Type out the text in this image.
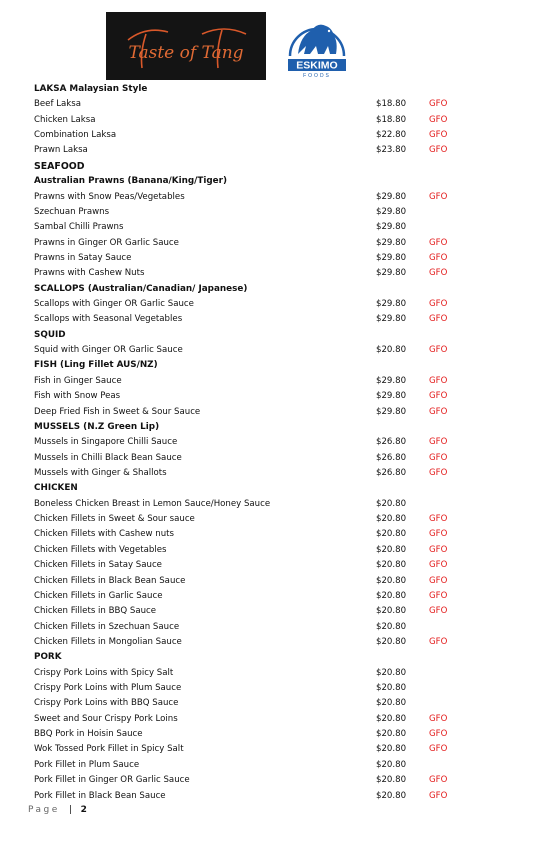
Taste of Tang
ESKIMO
FOODS
LAKSA Malaysian Style
Beef Laksa	$18.80	GFO
Chicken Laksa	$18.80	GFO
Combination Laksa	$22.80	GFO
Prawn Laksa	$23.80	GFO
SEAFOOD
Australian Prawns (Banana/King/Tiger)
Prawns with Snow Peas/Vegetables	$29.80	GFO
Szechuan Prawns	$29.80
Sambal Chilli Prawns	$29.80
Prawns in Ginger OR Garlic Sauce	$29.80	GFO
Prawns in Satay Sauce	$29.80	GFO
Prawns with Cashew Nuts	$29.80	GFO
SCALLOPS (Australian/Canadian/ Japanese)
Scallops with Ginger OR Garlic Sauce	$29.80	GFO
Scallops with Seasonal Vegetables	$29.80	GFO
SQUID
Squid with Ginger OR Garlic Sauce	$20.80	GFO
FISH (Ling Fillet AUS/NZ)
Fish in Ginger Sauce	$29.80	GFO
Fish with Snow Peas	$29.80	GFO
Deep Fried Fish in Sweet & Sour Sauce	$29.80	GFO
MUSSELS (N.Z Green Lip)
Mussels in Singapore Chilli Sauce	$26.80	GFO
Mussels in Chilli Black Bean Sauce	$26.80	GFO
Mussels with Ginger & Shallots	$26.80	GFO
CHICKEN
Boneless Chicken Breast in Lemon Sauce/Honey Sauce	$20.80
Chicken Fillets in Sweet & Sour sauce	$20.80	GFO
Chicken Fillets with Cashew nuts	$20.80	GFO
Chicken Fillets with Vegetables	$20.80	GFO
Chicken Fillets in Satay Sauce	$20.80	GFO
Chicken Fillets in Black Bean Sauce	$20.80	GFO
Chicken Fillets in Garlic Sauce	$20.80	GFO
Chicken Fillets in BBQ Sauce	$20.80	GFO
Chicken Fillets in Szechuan Sauce	$20.80
Chicken Fillets in Mongolian Sauce	$20.80	GFO
PORK
Crispy Pork Loins with Spicy Salt	$20.80
Crispy Pork Loins with Plum Sauce	$20.80
Crispy Pork Loins with BBQ Sauce	$20.80
Sweet and Sour Crispy Pork Loins	$20.80	GFO
BBQ Pork in Hoisin Sauce	$20.80	GFO
Wok Tossed Pork Fillet in Spicy Salt	$20.80	GFO
Pork Fillet in Plum Sauce	$20.80
Pork Fillet in Ginger OR Garlic Sauce	$20.80	GFO
Pork Fillet in Black Bean Sauce	$20.80	GFO
Page | 2
